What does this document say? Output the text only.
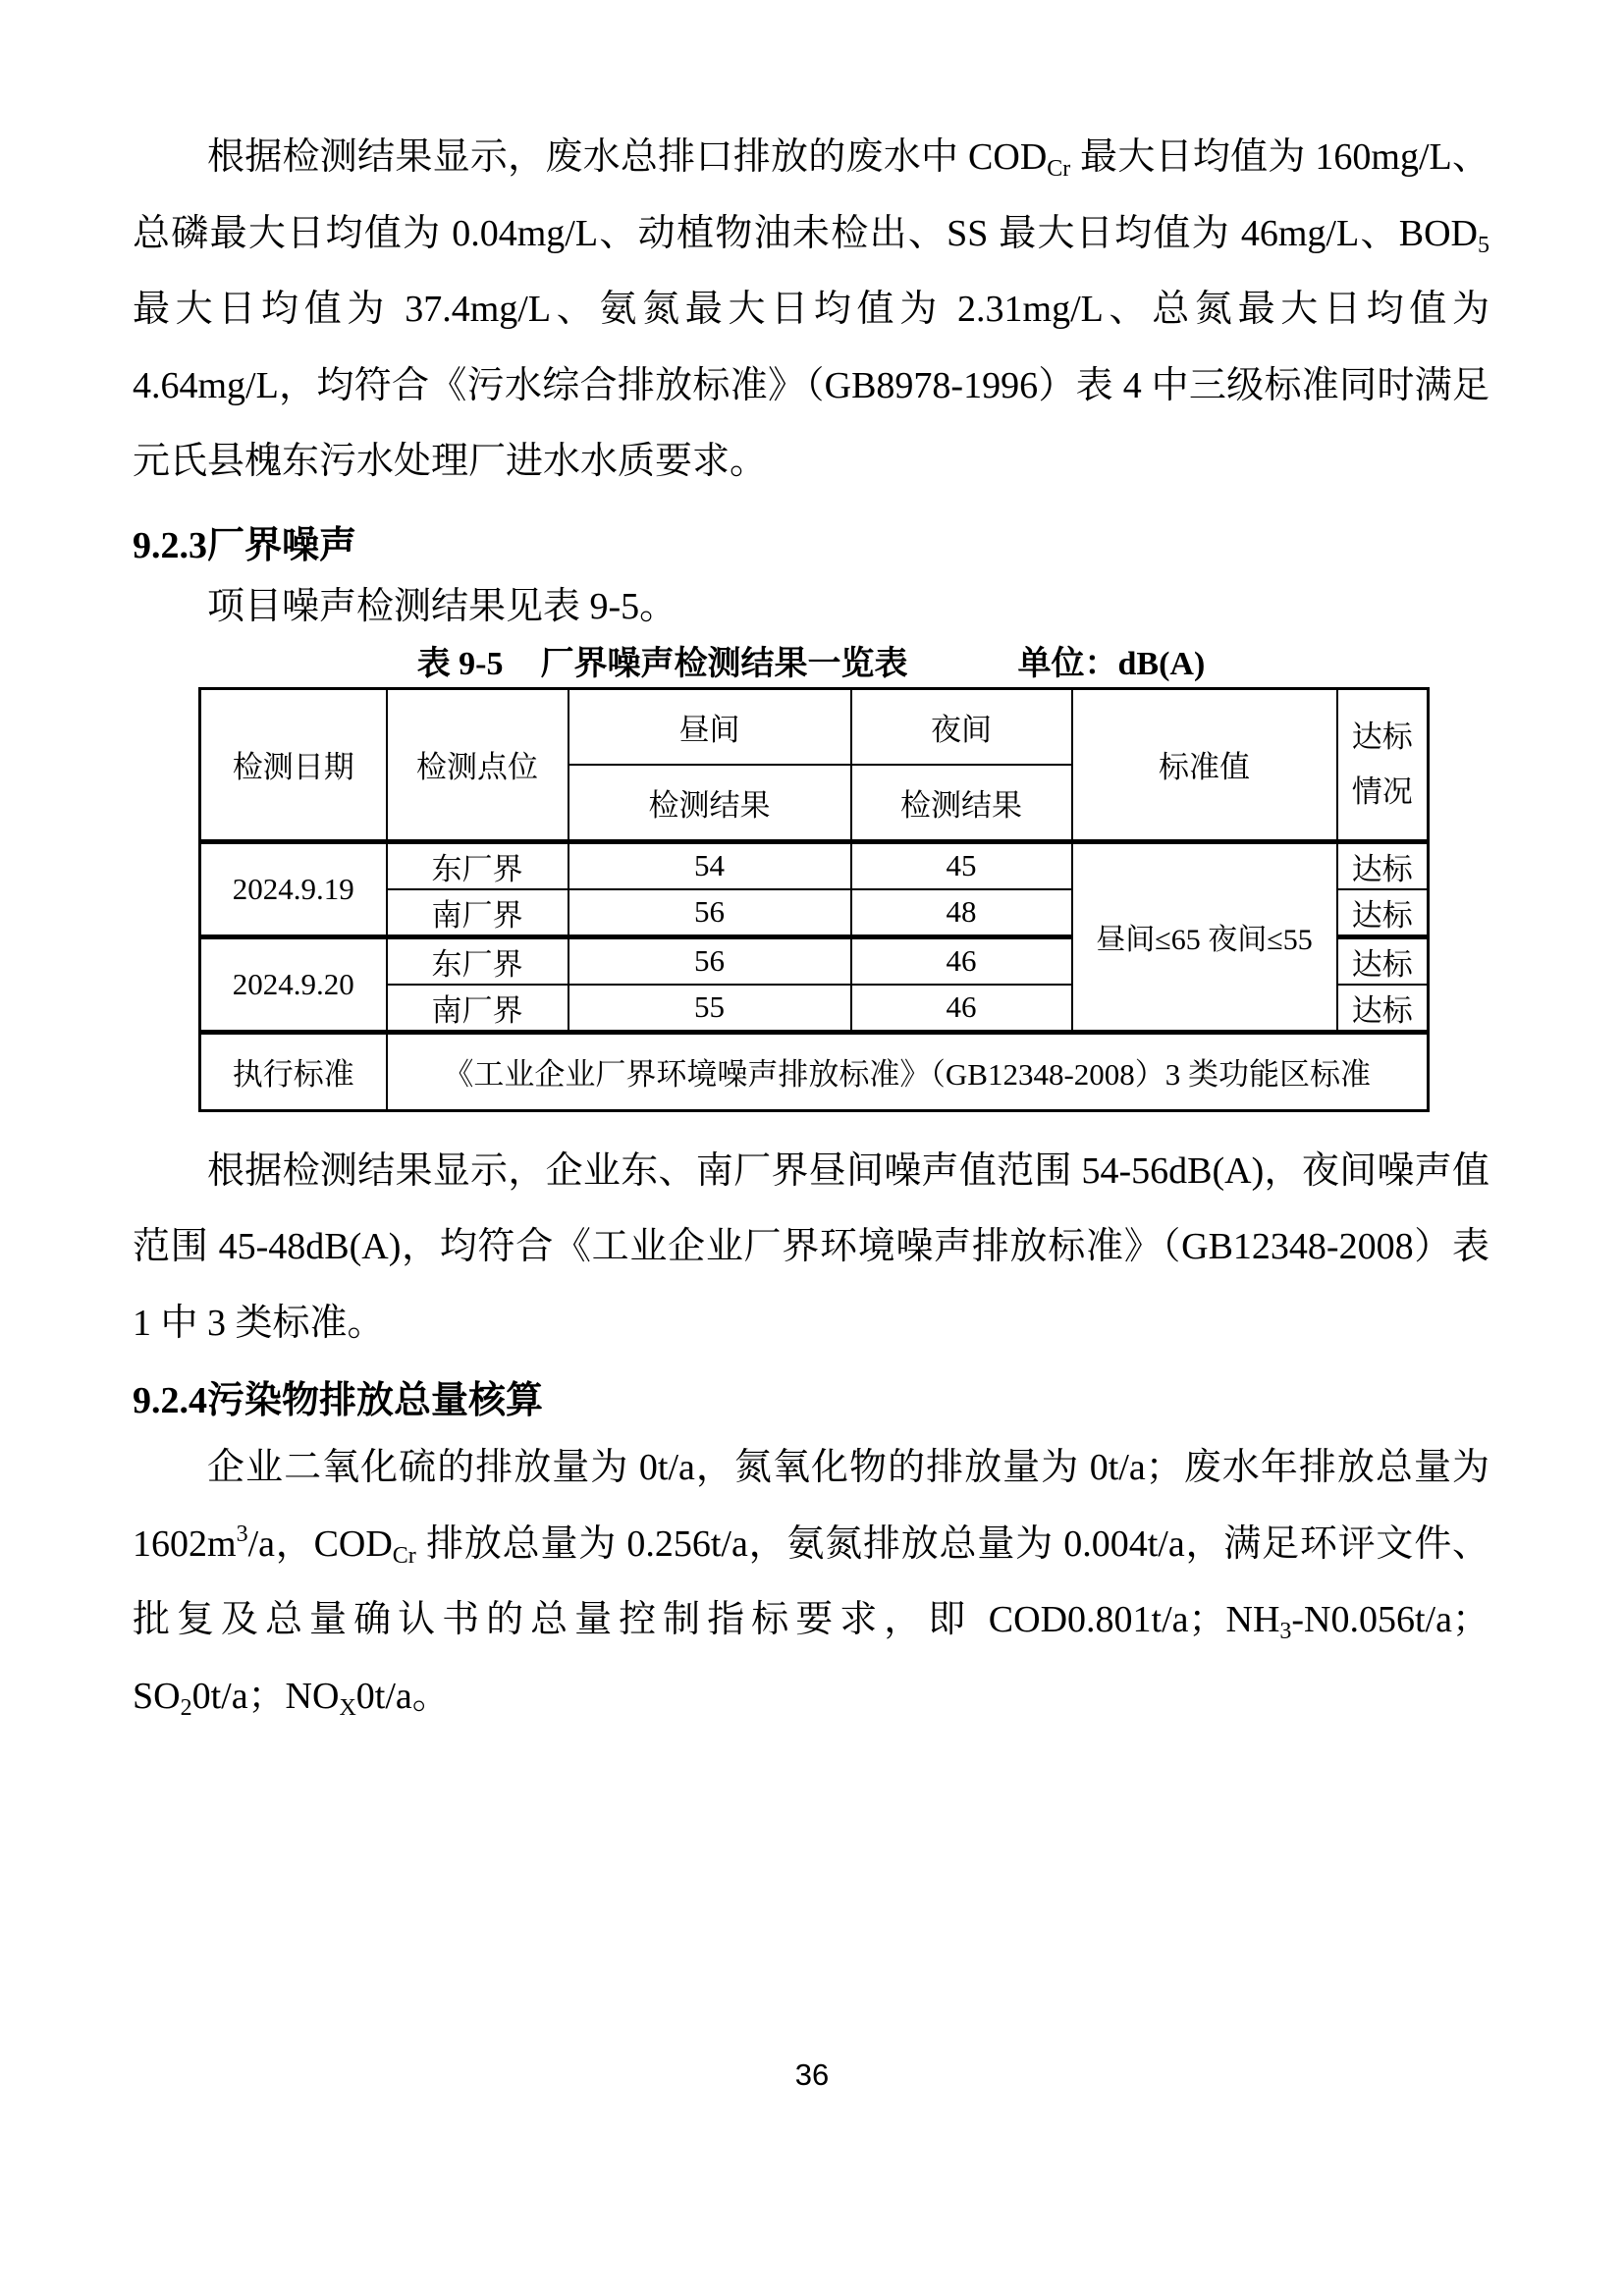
根据检测结果显示，废水总排口排放的废水中 $COD_{Cr}$ 最大日均值为 160mg/L、总磷最大日均值为 0.04mg/L、动植物油未检出、SS 最大日均值为 46mg/L、$BOD_5$ 最大日均值为 37.4mg/L、氨氮最大日均值为 2.31mg/L、总氮最大日均值为 4.64mg/L，均符合《污水综合排放标准》（GB8978-1996）表 4 中三级标准同时满足元氏县槐东污水处理厂进水水质要求。

9.2.3厂界噪声

项目噪声检测结果见表 9-5。

表 9-5 厂界噪声检测结果一览表	单位：dB(A)
检测日期	检测点位	昼间	夜间	标准值	达标情况
		检测结果	检测结果		
2024.9.19	东厂界	54	45	昼间≤65 夜间≤55	达标
	南厂界	56	48		达标
2024.9.20	东厂界	56	46		达标
	南厂界	55	46		达标
执行标准	《工业企业厂界环境噪声排放标准》（GB12348-2008）3 类功能区标准				

根据检测结果显示，企业东、南厂界昼间噪声值范围 54-56dB(A)，夜间噪声值范围 45-48dB(A)，均符合《工业企业厂界环境噪声排放标准》（GB12348-2008）表 1 中 3 类标准。

9.2.4污染物排放总量核算

企业二氧化硫的排放量为 0t/a，氮氧化物的排放量为 0t/a；废水年排放总量为 $1602m^3/a$，$COD_{Cr}$ 排放总量为 0.256t/a，氨氮排放总量为 0.004t/a，满足环评文件、批复及总量确认书的总量控制指标要求，即 COD0.801t/a；$NH_3-N0.056t/a$；$SO_20t/a$；$NO_X0t/a$。

36
